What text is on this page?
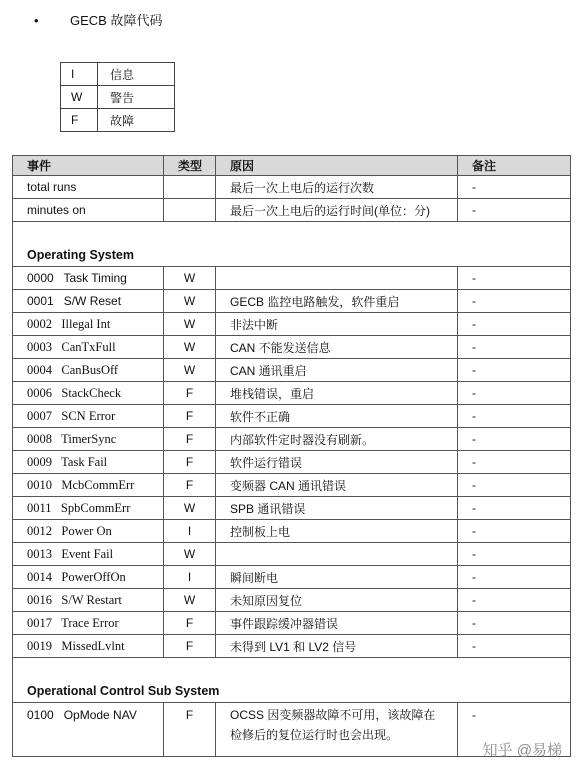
• GECB 故障代码
I	信息
W	警告
F	故障
事件	类型	原因	备注
total runs		最后一次上电后的运行次数	-
minutes on		最后一次上电后的运行时间(单位：分)	-

Operating System			
0000   Task Timing	W		-
0001   S/W Reset	W	GECB 监控电路触发，软件重启	-
0002   Illegal Int	W	非法中断	-
0003   CanTxFull	W	CAN 不能发送信息	-
0004   CanBusOff	W	CAN 通讯重启	-
0006   StackCheck	F	堆栈错误，重启	-
0007   SCN Error	F	软件不正确	-
0008   TimerSync	F	内部软件定时器没有刷新。	-
0009   Task Fail	F	软件运行错误	-
0010   McbCommErr	F	变频器 CAN 通讯错误	-
0011   SpbCommErr	W	SPB 通讯错误	-
0012   Power On	I	控制板上电	-
0013   Event Fail	W		-
0014   PowerOffOn	I	瞬间断电	-
0016   S/W Restart	W	未知原因复位	-
0017   Trace Error	F	事件跟踪缓冲器错误	-
0019   MissedLvlnt	F	未得到 LV1 和 LV2 信号	-

Operational Control Sub System			
0100   OpMode NAV	F	OCSS 因变频器故障不可用，该故障在
检修后的复位运行时也会出现。	-
知乎 @易梯
